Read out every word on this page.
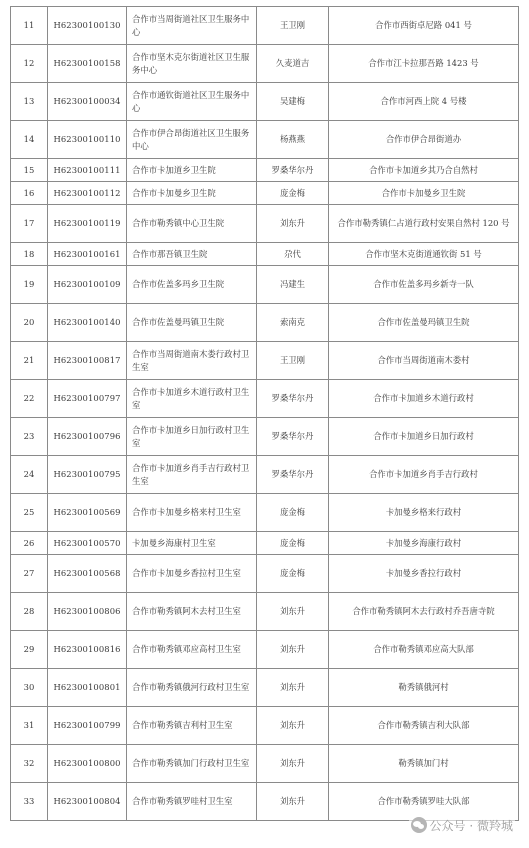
11	H62300100130	合作市当周街道社区卫生服务中心	王卫刚	合作市西街卓尼路 041 号
12	H62300100158	合作市坚木克尔街道社区卫生服务中心	久麦道吉	合作市江卡拉那吾路 1423 号
13	H62300100034	合作市通钦街道社区卫生服务中心	吴建梅	合作市河西上院 4 号楼
14	H62300100110	合作市伊合昂街道社区卫生服务中心	杨燕燕	合作市伊合昂街道办
15	H62300100111	合作市卡加道乡卫生院	罗桑华尔丹	合作市卡加道乡其乃合自然村
16	H62300100112	合作市卡加曼乡卫生院	庞金梅	合作市卡加曼乡卫生院
17	H62300100119	合作市勒秀镇中心卫生院	刘东升	合作市勒秀镇仁占道行政村安果自然村 120 号
18	H62300100161	合作市那吾镇卫生院	尕代	合作市坚木克街道通钦街 51 号
19	H62300100109	合作市佐盖多玛乡卫生院	冯建生	合作市佐盖多玛乡新寺一队
20	H62300100140	合作市佐盖曼玛镇卫生院	索南克	合作市佐盖曼玛镇卫生院
21	H62300100817	合作市当周街道南木娄行政村卫生室	王卫刚	合作市当周街道南木娄村
22	H62300100797	合作市卡加道乡木道行政村卫生室	罗桑华尔丹	合作市卡加道乡木道行政村
23	H62300100796	合作市卡加道乡日加行政村卫生室	罗桑华尔丹	合作市卡加道乡日加行政村
24	H62300100795	合作市卡加道乡肖手吉行政村卫生室	罗桑华尔丹	合作市卡加道乡肖手吉行政村
25	H62300100569	合作市卡加曼乡格来村卫生室	庞金梅	卡加曼乡格来行政村
26	H62300100570	卡加曼乡海康村卫生室	庞金梅	卡加曼乡海康行政村
27	H62300100568	合作市卡加曼乡香拉村卫生室	庞金梅	卡加曼乡香拉行政村
28	H62300100806	合作市勒秀镇阿木去村卫生室	刘东升	合作市勒秀镇阿木去行政村乔吾唐寺院
29	H62300100816	合作市勒秀镇邓应高村卫生室	刘东升	合作市勒秀镇邓应高大队部
30	H62300100801	合作市勒秀镇俄河行政村卫生室	刘东升	勒秀镇俄河村
31	H62300100799	合作市勒秀镇吉利村卫生室	刘东升	合作市勒秀镇吉利大队部
32	H62300100800	合作市勒秀镇加门行政村卫生室	刘东升	勒秀镇加门村
33	H62300100804	合作市勒秀镇罗哇村卫生室	刘东升	合作市勒秀镇罗哇大队部
公众号 · 微羚城
